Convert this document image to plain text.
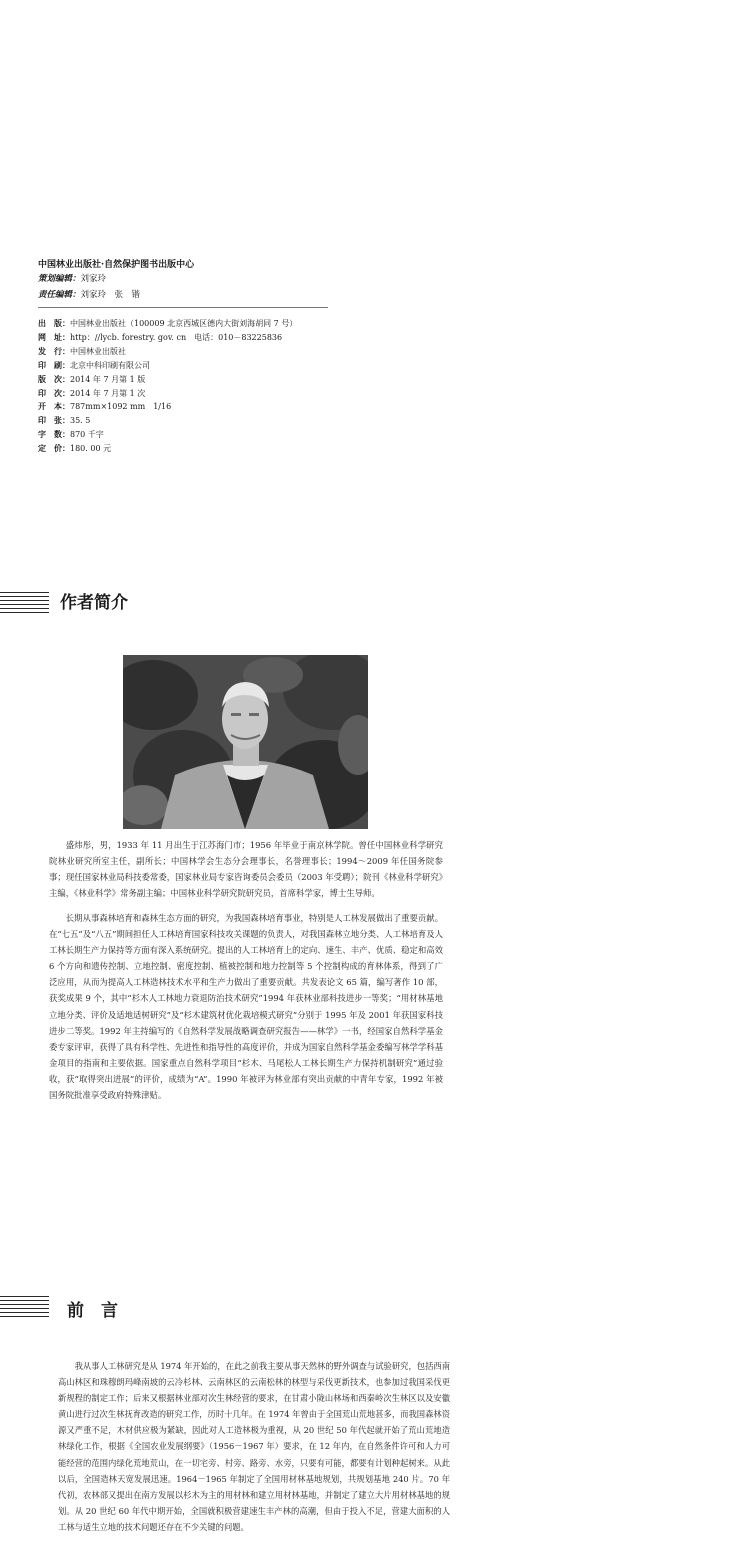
中国林业出版社·自然保护图书出版中心
策划编辑：刘家玲
责任编辑：刘家玲　张　锴
出　版：中国林业出版社（100009 北京西城区德内大街刘海胡同 7 号）
网　址：http：//lycb. forestry. gov. cn　电话：010－83225836
发　行：中国林业出版社
印　刷：北京中科印刷有限公司
版　次：2014 年 7 月第 1 版
印　次：2014 年 7 月第 1 次
开　本：787mm×1092 mm　1/16
印　张：35. 5
字　数：870 千字
定　价：180. 00 元
作者简介

盛炜彤，男，1933 年 11 月出生于江苏海门市；1956 年毕业于南京林学院。曾任中国林业科学研究院林业研究所室主任，副所长；中国林学会生态分会理事长，名誉理事长；1994～2009 年任国务院参事；现任国家林业局科技委常委，国家林业局专家咨询委员会委员（2003 年受聘）；院刊《林业科学研究》主编，《林业科学》常务副主编；中国林业科学研究院研究员，首席科学家，博士生导师。

长期从事森林培育和森林生态方面的研究，为我国森林培育事业，特别是人工林发展做出了重要贡献。在“七五”及“八五”期间担任人工林培育国家科技攻关课题的负责人，对我国森林立地分类、人工林培育及人工林长期生产力保持等方面有深入系统研究。提出的人工林培育上的定向、速生、丰产、优质、稳定和高效 6 个方向和遗传控制、立地控制、密度控制、植被控制和地力控制等 5 个控制构成的育林体系，得到了广泛应用，从而为提高人工林造林技术水平和生产力做出了重要贡献。共发表论文 65 篇，编写著作 10 部，获奖成果 9 个，其中“杉木人工林地力衰退防治技术研究”1994 年获林业部科技进步一等奖；“用材林基地立地分类、评价及适地适树研究”及“杉木建筑材优化栽培模式研究”分别于 1995 年及 2001 年获国家科技进步二等奖。1992 年主持编写的《自然科学发展战略调查研究报告——林学》一书，经国家自然科学基金委专家评审，获得了具有科学性、先进性和指导性的高度评价，并成为国家自然科学基金委编写林学学科基金项目的指南和主要依据。国家重点自然科学项目“杉木、马尾松人工林长期生产力保持机制研究”通过验收，获“取得突出进展”的评价，成绩为“A”。1990 年被评为林业部有突出贡献的中青年专家，1992 年被国务院批准享受政府特殊津贴。

前　言

我从事人工林研究是从 1974 年开始的，在此之前我主要从事天然林的野外调查与试验研究，包括西南高山林区和珠穆朗玛峰南坡的云冷杉林、云南林区的云南松林的林型与采伐更新技术，也参加过我国采伐更新规程的制定工作；后来又根据林业部对次生林经营的要求，在甘肃小陇山林场和西秦岭次生林区以及安徽黄山进行过次生林抚育改造的研究工作，历时十几年。在 1974 年曾由于全国荒山荒地甚多，而我国森林资源又严重不足，木材供应极为紧缺，因此对人工造林极为重视，从 20 世纪 50 年代起就开始了荒山荒地造林绿化工作，根据《全国农业发展纲要》（1956－1967 年）要求，在 12 年内，在自然条件许可和人力可能经营的范围内绿化荒地荒山，在一切宅旁、村旁、路旁、水旁，只要有可能，都要有计划种起树来。从此以后，全国造林天宽发展迅速。1964－1965 年制定了全国用材林基地规划，共规划基地 240 片。70 年代初，农林部又提出在南方发展以杉木为主的用材林和建立用材林基地，并制定了建立大片用材林基地的规划。从 20 世纪 60 年代中期开始，全国就积极营建速生丰产林的高潮，但由于投入不足，营建大面积的人工林与适生立地的技术问题还存在不少关键的问题。
